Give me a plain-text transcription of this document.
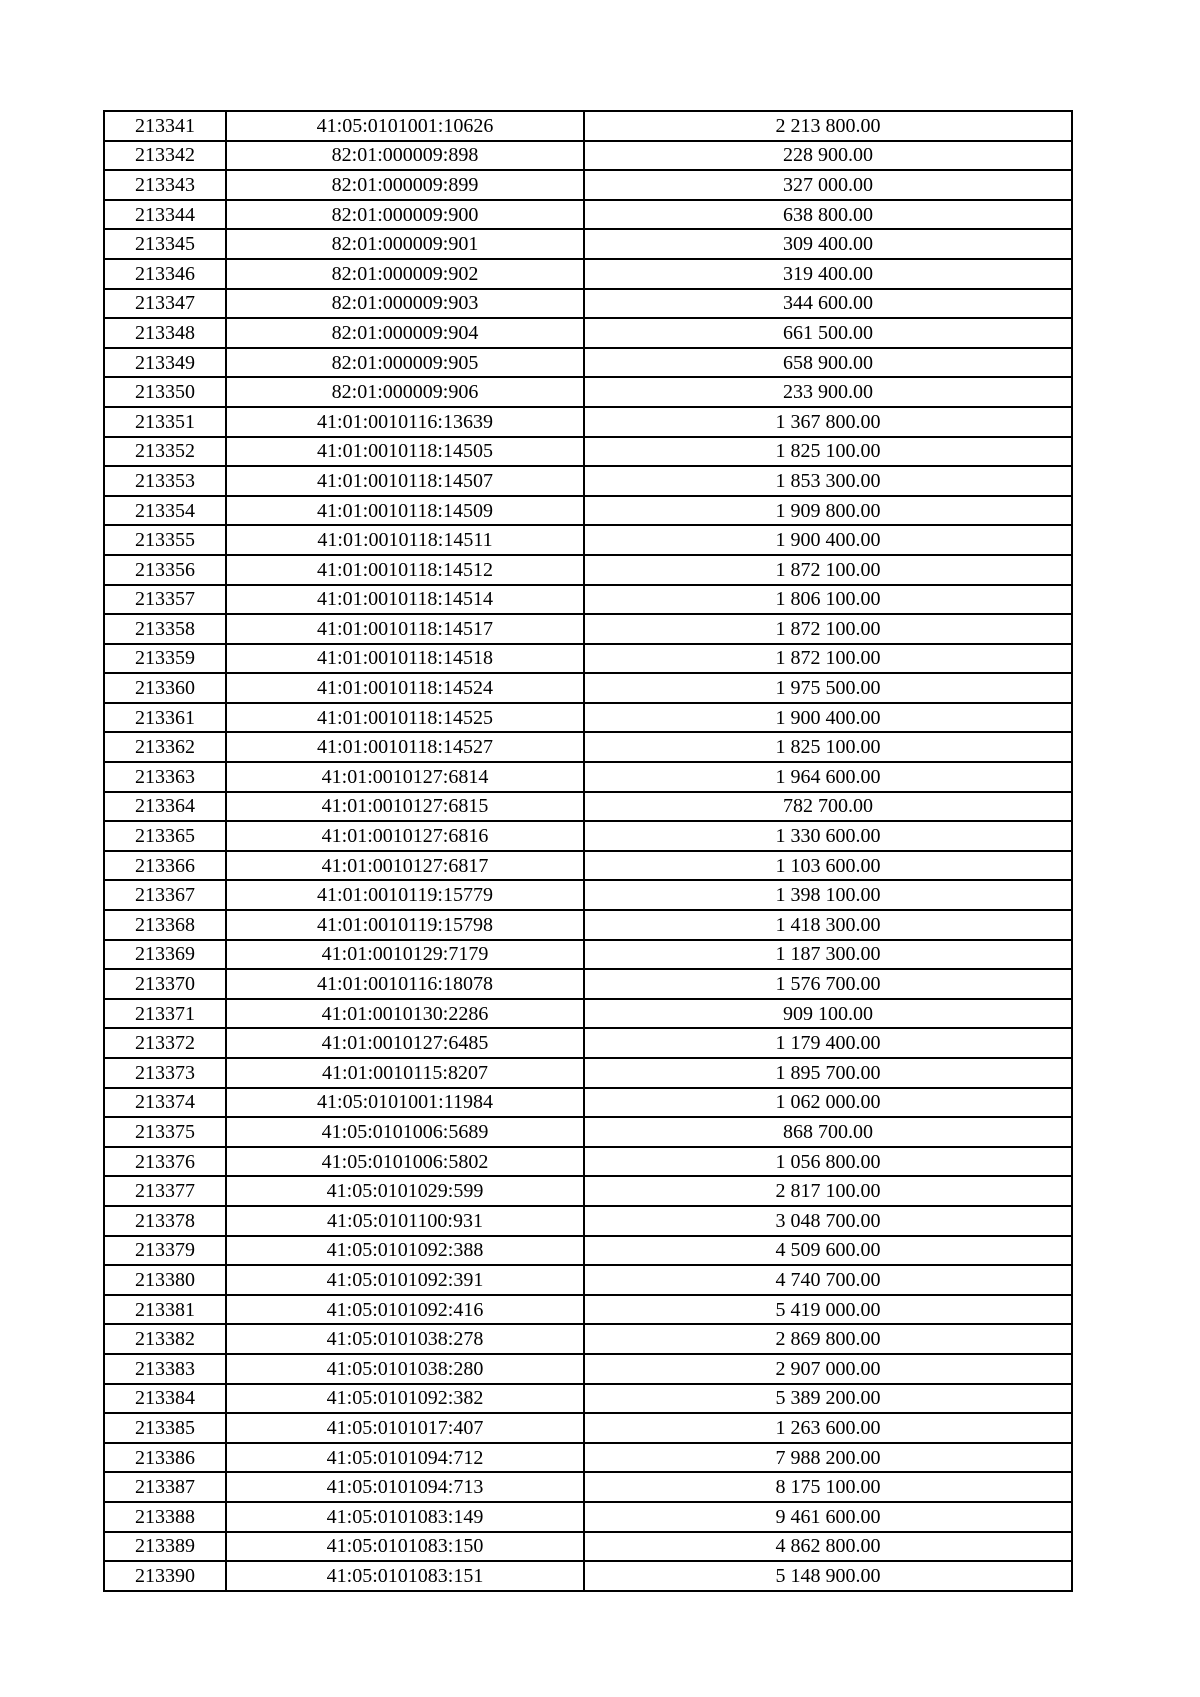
213341	41:05:0101001:10626	2 213 800.00
213342	82:01:000009:898	228 900.00
213343	82:01:000009:899	327 000.00
213344	82:01:000009:900	638 800.00
213345	82:01:000009:901	309 400.00
213346	82:01:000009:902	319 400.00
213347	82:01:000009:903	344 600.00
213348	82:01:000009:904	661 500.00
213349	82:01:000009:905	658 900.00
213350	82:01:000009:906	233 900.00
213351	41:01:0010116:13639	1 367 800.00
213352	41:01:0010118:14505	1 825 100.00
213353	41:01:0010118:14507	1 853 300.00
213354	41:01:0010118:14509	1 909 800.00
213355	41:01:0010118:14511	1 900 400.00
213356	41:01:0010118:14512	1 872 100.00
213357	41:01:0010118:14514	1 806 100.00
213358	41:01:0010118:14517	1 872 100.00
213359	41:01:0010118:14518	1 872 100.00
213360	41:01:0010118:14524	1 975 500.00
213361	41:01:0010118:14525	1 900 400.00
213362	41:01:0010118:14527	1 825 100.00
213363	41:01:0010127:6814	1 964 600.00
213364	41:01:0010127:6815	782 700.00
213365	41:01:0010127:6816	1 330 600.00
213366	41:01:0010127:6817	1 103 600.00
213367	41:01:0010119:15779	1 398 100.00
213368	41:01:0010119:15798	1 418 300.00
213369	41:01:0010129:7179	1 187 300.00
213370	41:01:0010116:18078	1 576 700.00
213371	41:01:0010130:2286	909 100.00
213372	41:01:0010127:6485	1 179 400.00
213373	41:01:0010115:8207	1 895 700.00
213374	41:05:0101001:11984	1 062 000.00
213375	41:05:0101006:5689	868 700.00
213376	41:05:0101006:5802	1 056 800.00
213377	41:05:0101029:599	2 817 100.00
213378	41:05:0101100:931	3 048 700.00
213379	41:05:0101092:388	4 509 600.00
213380	41:05:0101092:391	4 740 700.00
213381	41:05:0101092:416	5 419 000.00
213382	41:05:0101038:278	2 869 800.00
213383	41:05:0101038:280	2 907 000.00
213384	41:05:0101092:382	5 389 200.00
213385	41:05:0101017:407	1 263 600.00
213386	41:05:0101094:712	7 988 200.00
213387	41:05:0101094:713	8 175 100.00
213388	41:05:0101083:149	9 461 600.00
213389	41:05:0101083:150	4 862 800.00
213390	41:05:0101083:151	5 148 900.00
